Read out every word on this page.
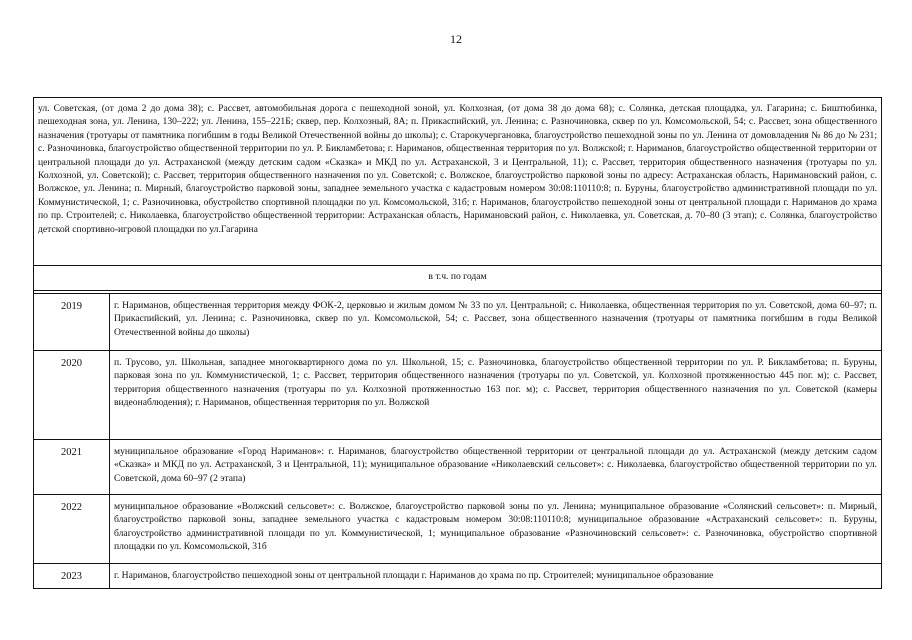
12
ул. Советская, (от дома 2 до дома 38); с. Рассвет, автомобильная дорога с пешеходной зоной, ул. Колхозная, (от дома 38 до дома 68); с. Солянка, детская площадка, ул. Гагарина; с. Биштюбинка, пешеходная зона, ул. Ленина, 130–222; ул. Ленина, 155–221Б; сквер, пер. Колхозный, 8А; п. Прикаспийский, ул. Ленина; с. Разночиновка, сквер по ул. Комсомольской, 54; с. Рассвет, зона общественного назначения (тротуары от памятника погибшим в годы Великой Отечественной войны до школы); с. Старокучергановка, благоустройство пешеходной зоны по ул. Ленина от домовладения № 86 до № 231; с. Разночиновка, благоустройство общественной территории по ул. Р. Бикламбетова; г. Нариманов, общественная территория по ул. Волжской; г. Нариманов, благоустройство общественной территории от центральной площади до ул. Астраханской (между детским садом «Сказка» и МКД по ул. Астраханской, 3 и Центральной, 11); с. Рассвет, территория общественного назначения (тротуары по ул. Колхозной, ул. Советской); с. Рассвет, территория общественного назначения по ул. Советской; с. Волжское, благоустройство парковой зоны по адресу: Астраханская область, Наримановский район, с. Волжское, ул. Ленина; п. Мирный, благоустройство парковой зоны, западнее земельного участка с кадастровым номером 30:08:110110:8; п. Буруны, благоустройство административной площади по ул. Коммунистической, 1; с. Разночиновка, обустройство спортивной площадки по ул. Комсомольской, 31б; г. Нариманов, благоустройство пешеходной зоны от центральной площади г. Нариманов до храма по пр. Строителей; с. Николаевка, благоустройство общественной территории: Астраханская область, Наримановский район, с. Николаевка, ул. Советская, д. 70–80 (3 этап); с. Солянка, благоустройство детской спортивно-игровой площадки по ул.Гагарина	
в т.ч. по годам	

2019	г. Нариманов, общественная территория между ФОК-2, церковью и жилым домом № 33 по ул. Центральной; с. Николаевка, общественная территория по ул. Советской, дома 60–97; п. Прикаспийский, ул. Ленина; с. Разночиновка, сквер по ул. Комсомольской, 54; с. Рассвет, зона общественного назначения (тротуары от памятника погибшим в годы Великой Отечественной войны до школы)
2020	п. Трусово, ул. Школьная, западнее многоквартирного дома по ул. Школьной, 15; с. Разночиновка, благоустройство общественной территории по ул. Р. Бикламбетова; п. Буруны, парковая зона по ул. Коммунистической, 1; с. Рассвет, территория общественного назначения (тротуары по ул. Советской, ул. Колхозной протяженностью 445 пог. м); с. Рассвет, территория общественного назначения (тротуары по ул. Колхозной протяженностью 163 пог. м); с. Рассвет, территория общественного назначения по ул. Советской (камеры видеонаблюдения); г. Нариманов, общественная территория по ул. Волжской
2021	муниципальное образование «Город Нариманов»: г. Нариманов, благоустройство общественной территории от центральной площади до ул. Астраханской (между детским садом «Сказка» и МКД по ул. Астраханской, 3 и Центральной, 11); муниципальное образование «Николаевский сельсовет»: с. Николаевка, благоустройство общественной территории по ул. Советской, дома 60–97 (2 этапа)
2022	муниципальное образование «Волжский сельсовет»: с. Волжское, благоустройство парковой зоны по ул. Ленина; муниципальное образование «Солянский сельсовет»: п. Мирный, благоустройство парковой зоны, западнее земельного участка с кадастровым номером 30:08:110110:8; муниципальное образование «Астраханский сельсовет»: п. Буруны, благоустройство административной площади по ул. Коммунистической, 1; муниципальное образование «Разночиновский сельсовет»: с. Разночиновка, обустройство спортивной площадки по ул. Комсомольской, 31б
2023	г. Нариманов, благоустройство пешеходной зоны от центральной площади г. Нариманов до храма по пр. Строителей; муниципальное образование
